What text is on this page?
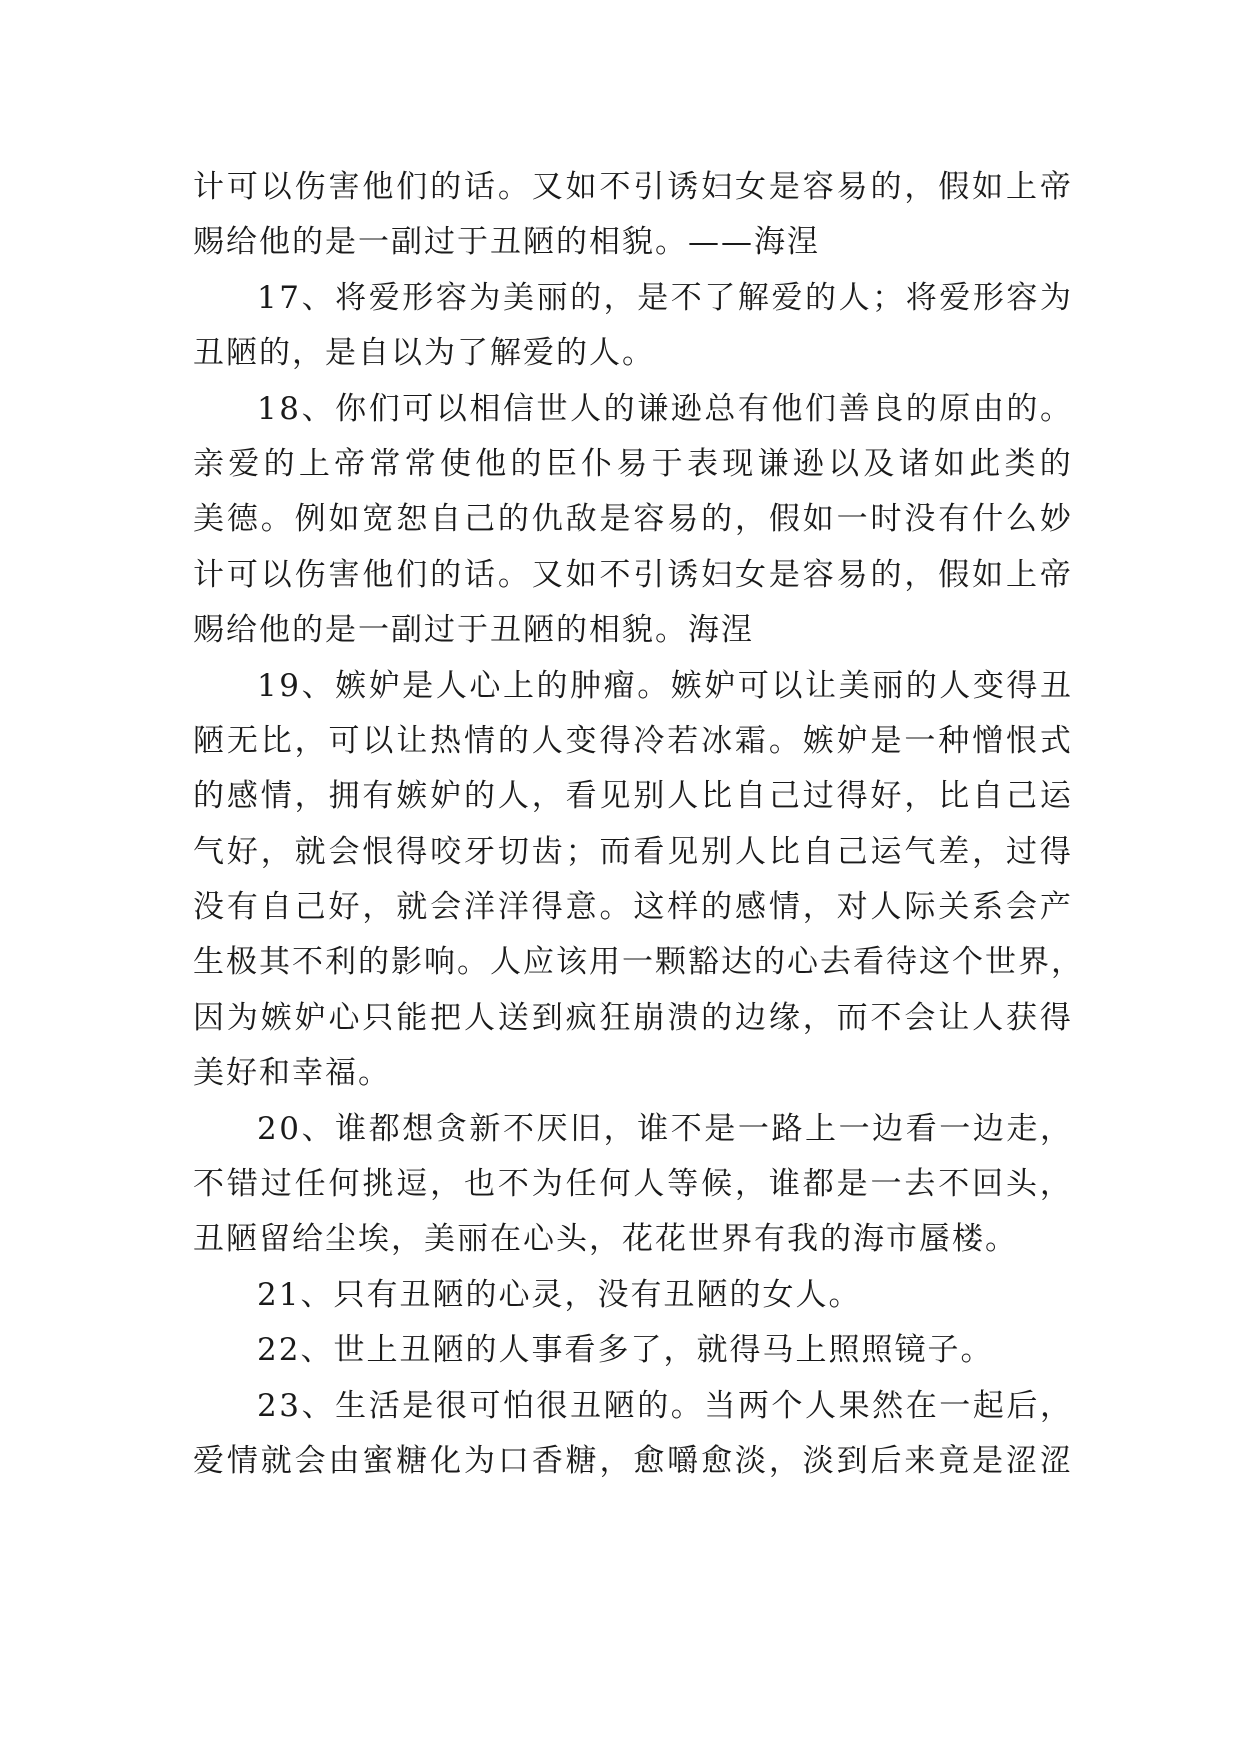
计 可 以 伤 害 他 们 的 话 。 又 如 不 引 诱 妇 女 是 容 易 的 ， 假 如 上 帝
赐 给 他 的 是 一 副 过 于 丑 陋 的 相 貌 。 — — 海 涅
1 7 、 将 爱 形 容 为 美 丽 的 ， 是 不 了 解 爱 的 人 ； 将 爱 形 容 为
丑 陋 的 ， 是 自 以 为 了 解 爱 的 人 。
1 8 、 你 们 可 以 相 信 世 人 的 谦 逊 总 有 他 们 善 良 的 原 由 的 。
亲 爱 的 上 帝 常 常 使 他 的 臣 仆 易 于 表 现 谦 逊 以 及 诸 如 此 类 的
美 德 。 例 如 宽 恕 自 己 的 仇 敌 是 容 易 的 ， 假 如 一 时 没 有 什 么 妙
计 可 以 伤 害 他 们 的 话 。 又 如 不 引 诱 妇 女 是 容 易 的 ， 假 如 上 帝
赐 给 他 的 是 一 副 过 于 丑 陋 的 相 貌 。 海 涅
1 9 、 嫉 妒 是 人 心 上 的 肿 瘤 。 嫉 妒 可 以 让 美 丽 的 人 变 得 丑
陋 无 比 ， 可 以 让 热 情 的 人 变 得 冷 若 冰 霜 。 嫉 妒 是 一 种 憎 恨 式
的 感 情 ， 拥 有 嫉 妒 的 人 ， 看 见 别 人 比 自 己 过 得 好 ， 比 自 己 运
气 好 ， 就 会 恨 得 咬 牙 切 齿 ； 而 看 见 别 人 比 自 己 运 气 差 ， 过 得
没 有 自 己 好 ， 就 会 洋 洋 得 意 。 这 样 的 感 情 ， 对 人 际 关 系 会 产
生 极 其 不 利 的 影 响 。 人 应 该 用 一 颗 豁 达 的 心 去 看 待 这 个 世 界 ，
因 为 嫉 妒 心 只 能 把 人 送 到 疯 狂 崩 溃 的 边 缘 ， 而 不 会 让 人 获 得
美 好 和 幸 福 。
2 0 、 谁 都 想 贪 新 不 厌 旧 ， 谁 不 是 一 路 上 一 边 看 一 边 走 ，
不 错 过 任 何 挑 逗 ， 也 不 为 任 何 人 等 候 ， 谁 都 是 一 去 不 回 头 ，
丑 陋 留 给 尘 埃 ， 美 丽 在 心 头 ， 花 花 世 界 有 我 的 海 市 蜃 楼 。
2 1 、 只 有 丑 陋 的 心 灵 ， 没 有 丑 陋 的 女 人 。
2 2 、 世 上 丑 陋 的 人 事 看 多 了 ， 就 得 马 上 照 照 镜 子 。
2 3 、 生 活 是 很 可 怕 很 丑 陋 的 。 当 两 个 人 果 然 在 一 起 后 ，
爱 情 就 会 由 蜜 糖 化 为 口 香 糖 ， 愈 嚼 愈 淡 ， 淡 到 后 来 竟 是 涩 涩
